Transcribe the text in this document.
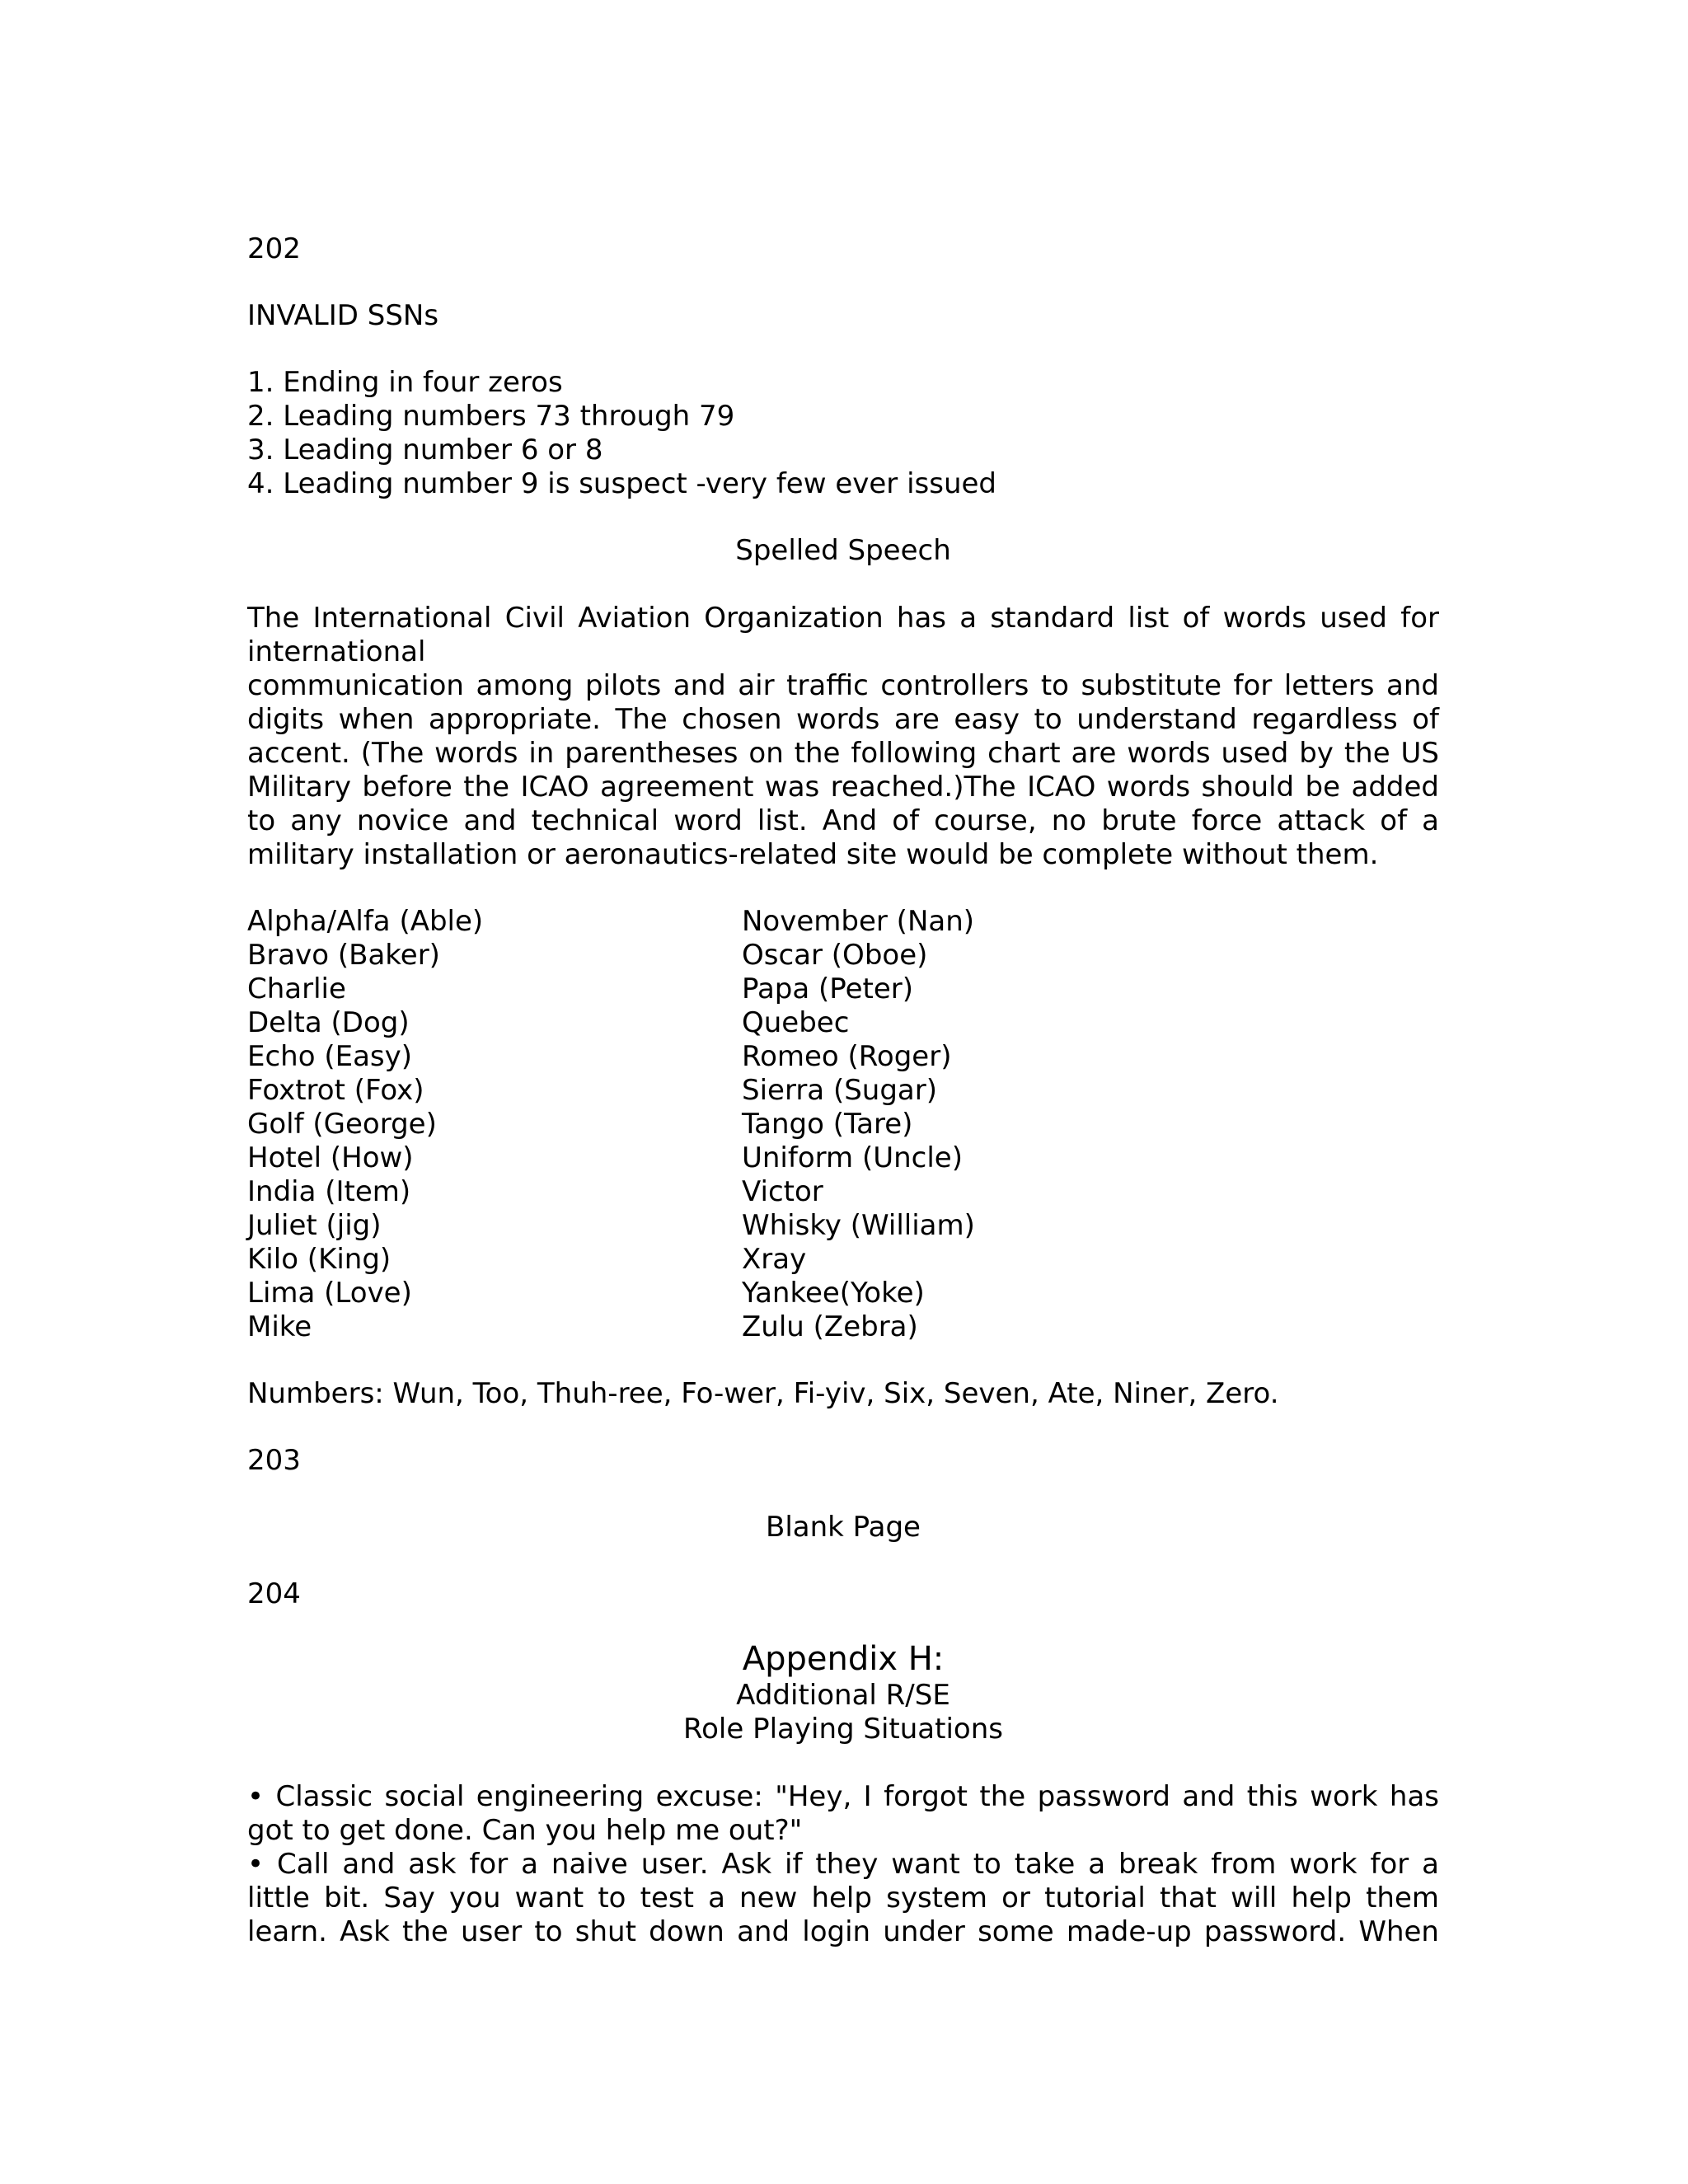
202
INVALID SSNs
1. Ending in four zeros
2. Leading numbers 73 through 79
3. Leading number 6 or 8
4. Leading number 9 is suspect -very few ever issued
Spelled Speech
The International Civil Aviation Organization has a standard list of words used for
international
communication among pilots and air traffic controllers to substitute for letters and
digits when appropriate. The chosen words are easy to understand regardless of
accent. (The words in parentheses on the following chart are words used by the US
Military before the ICAO agreement was reached.)The ICAO words should be added
to any novice and technical word list. And of course, no brute force attack of a
military installation or aeronautics-related site would be complete without them.
Alpha/Alfa (Able)
Bravo (Baker)
Charlie
Delta (Dog)
Echo (Easy)
Foxtrot (Fox)
Golf (George)
Hotel (How)
India (Item)
Juliet (jig)
Kilo (King)
Lima (Love)
Mike
November (Nan)
Oscar (Oboe)
Papa (Peter)
Quebec
Romeo (Roger)
Sierra (Sugar)
Tango (Tare)
Uniform (Uncle)
Victor
Whisky (William)
Xray
Yankee(Yoke)
Zulu (Zebra)
Numbers: Wun, Too, Thuh-ree, Fo-wer, Fi-yiv, Six, Seven, Ate, Niner, Zero.
203
Blank Page
204
Appendix H:
Additional R/SE
Role Playing Situations
• Classic social engineering excuse: "Hey, I forgot the password and this work has
got to get done. Can you help me out?"
• Call and ask for a naive user. Ask if they want to take a break from work for a
little bit. Say you want to test a new help system or tutorial that will help them
learn. Ask the user to shut down and login under some made-up password. When
